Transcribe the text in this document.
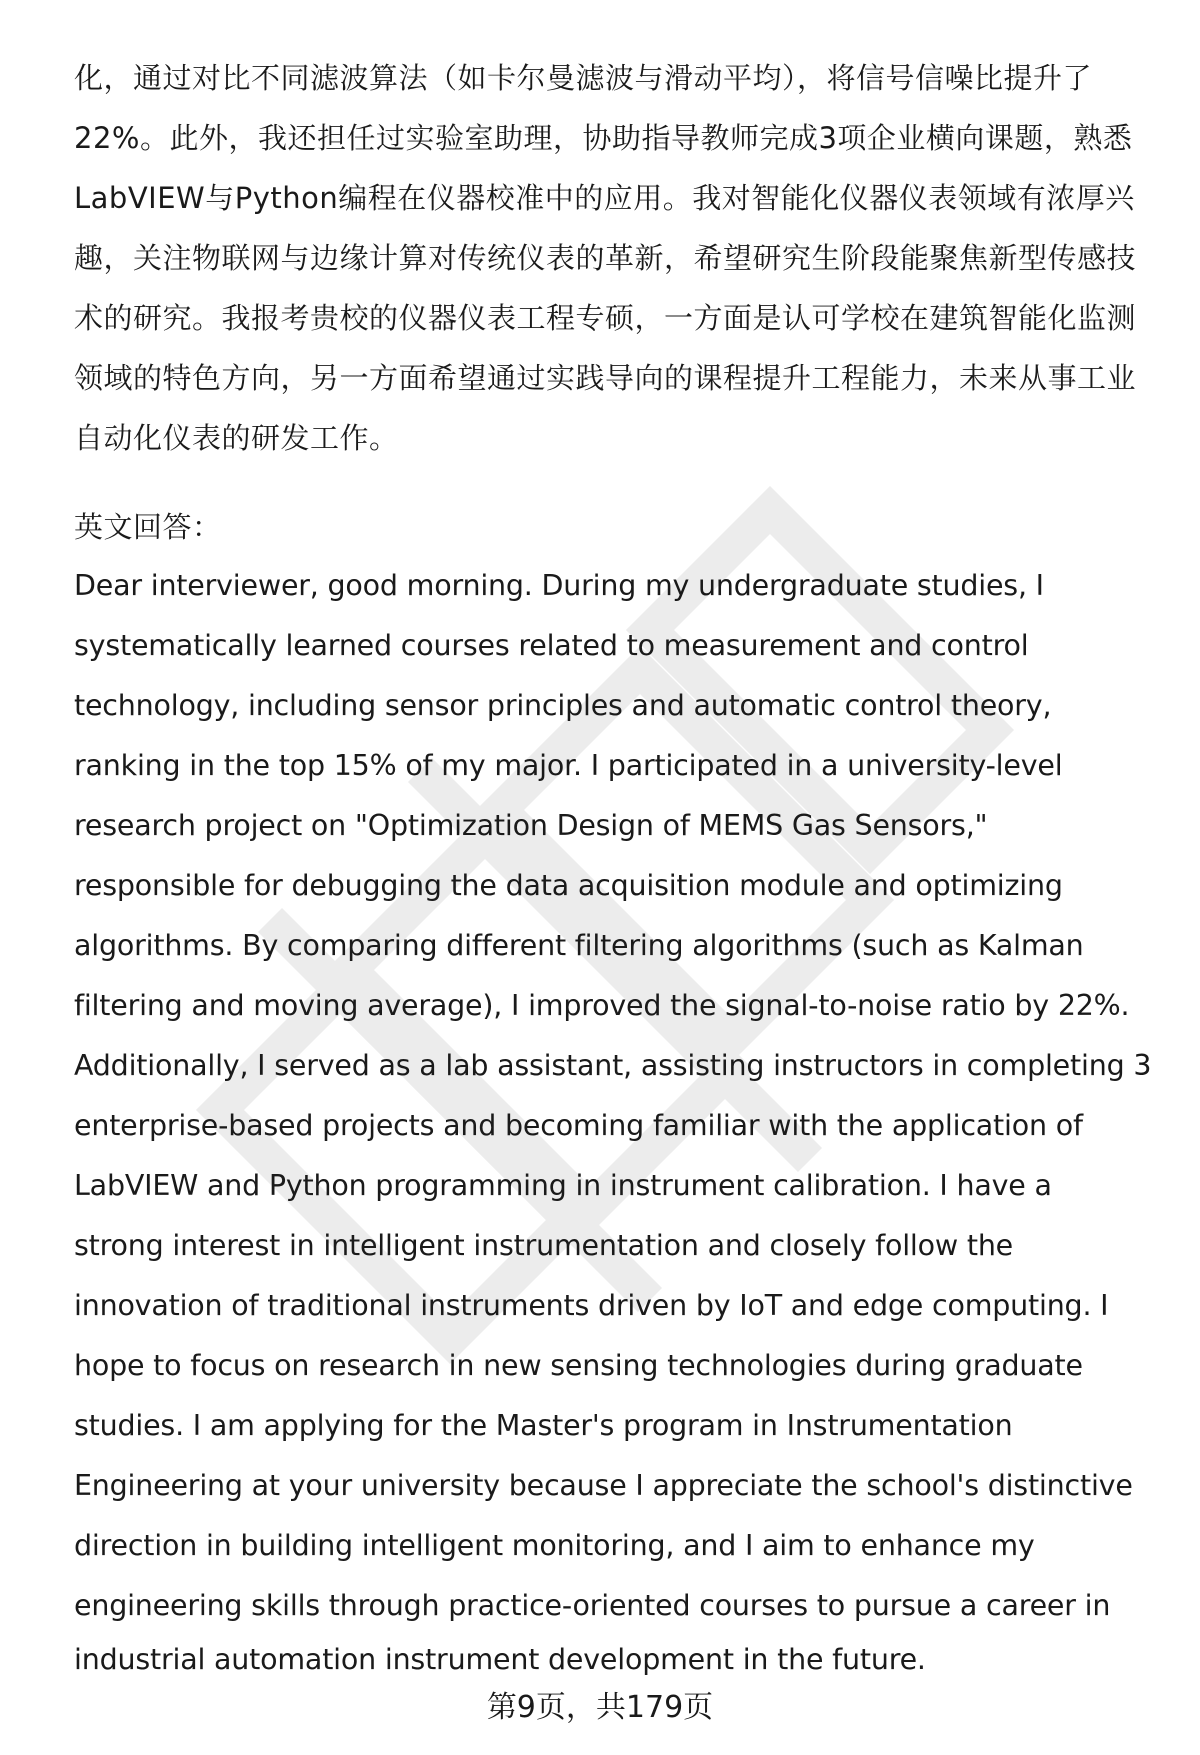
化，通过对比不同滤波算法（如卡尔曼滤波与滑动平均），将信号信噪比提升了
22%。此外，我还担任过实验室助理，协助指导教师完成3项企业横向课题，熟悉
LabVIEW与Python编程在仪器校准中的应用。我对智能化仪器仪表领域有浓厚兴
趣，关注物联网与边缘计算对传统仪表的革新，希望研究生阶段能聚焦新型传感技
术的研究。我报考贵校的仪器仪表工程专硕，一方面是认可学校在建筑智能化监测
领域的特色方向，另一方面希望通过实践导向的课程提升工程能力，未来从事工业
自动化仪表的研发工作。
英文回答：
Dear interviewer, good morning. During my undergraduate studies, I
systematically learned courses related to measurement and control
technology, including sensor principles and automatic control theory,
ranking in the top 15% of my major. I participated in a university-level
research project on "Optimization Design of MEMS Gas Sensors,"
responsible for debugging the data acquisition module and optimizing
algorithms. By comparing different filtering algorithms (such as Kalman
filtering and moving average), I improved the signal-to-noise ratio by 22%.
Additionally, I served as a lab assistant, assisting instructors in completing 3
enterprise-based projects and becoming familiar with the application of
LabVIEW and Python programming in instrument calibration. I have a
strong interest in intelligent instrumentation and closely follow the
innovation of traditional instruments driven by IoT and edge computing. I
hope to focus on research in new sensing technologies during graduate
studies. I am applying for the Master's program in Instrumentation
Engineering at your university because I appreciate the school's distinctive
direction in building intelligent monitoring, and I aim to enhance my
engineering skills through practice-oriented courses to pursue a career in
industrial automation instrument development in the future.
第9页，共179页
